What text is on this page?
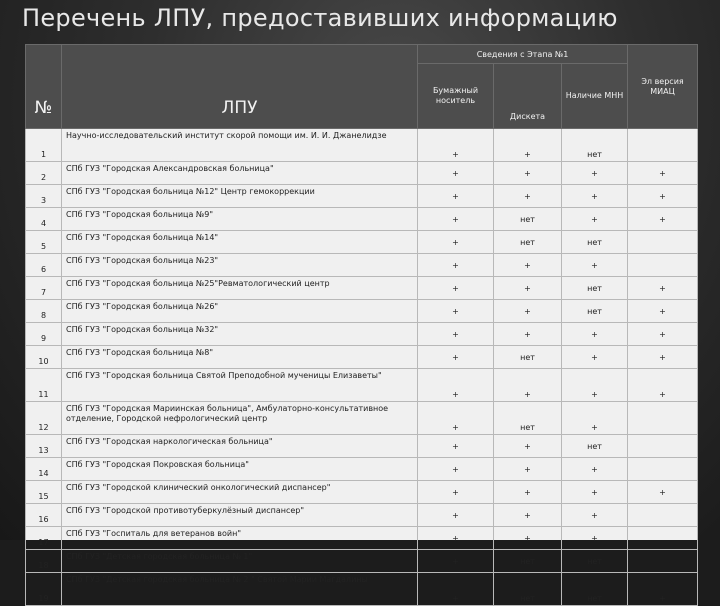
Перечень ЛПУ, предоставивших информацию
№	ЛПУ	Сведения с Этапа №1			Эл версия МИАЦ
		Бумажный носитель	Дискета	Наличие МНН	
1	Научно-исследовательский институт скорой помощи им. И. И. Джанелидзе	+	+	нет	
2	СПб ГУЗ "Городская Александровская больница"	+	+	+	+
3	СПб ГУЗ "Городская больница №12" Центр гемокоррекции	+	+	+	+
4	СПб ГУЗ "Городская больница №9"	+	нет	+	+
5	СПб ГУЗ "Городская больница №14"	+	нет	нет	
6	СПб ГУЗ "Городская больница №23"	+	+	+	
7	СПб ГУЗ "Городская больница №25"Ревматологический центр	+	+	нет	+
8	СПб ГУЗ "Городская больница №26"	+	+	нет	+
9	СПб ГУЗ "Городская больница №32"	+	+	+	+
10	СПб ГУЗ "Городская больница №8"	+	нет	+	+
11	СПб ГУЗ "Городская больница Святой Преподобной мученицы Елизаветы"	+	+	+	+
12	СПб ГУЗ "Городская Мариинская больница", Амбулаторно-консультативное отделение, Городской нефрологический центр	+	нет	+	
13	СПб ГУЗ "Городская наркологическая больница"	+	+	нет	
14	СПб ГУЗ "Городская Покровская больница"	+	+	+	
15	СПб ГУЗ "Городской клинический онкологический диспансер"	+	+	+	+
16	СПб ГУЗ "Городской противотуберкулёзный диспансер"	+	+	+	
17	СПб ГУЗ "Госпиталь для ветеранов войн"	+	+	+	
18	СПб ГУЗ "Детская городская больница № 1"	+	нет	нет	
19	СПб ГУЗ "Детская городская больница № 2 " Святой Марии Магдалины	+	нет	нет	+
